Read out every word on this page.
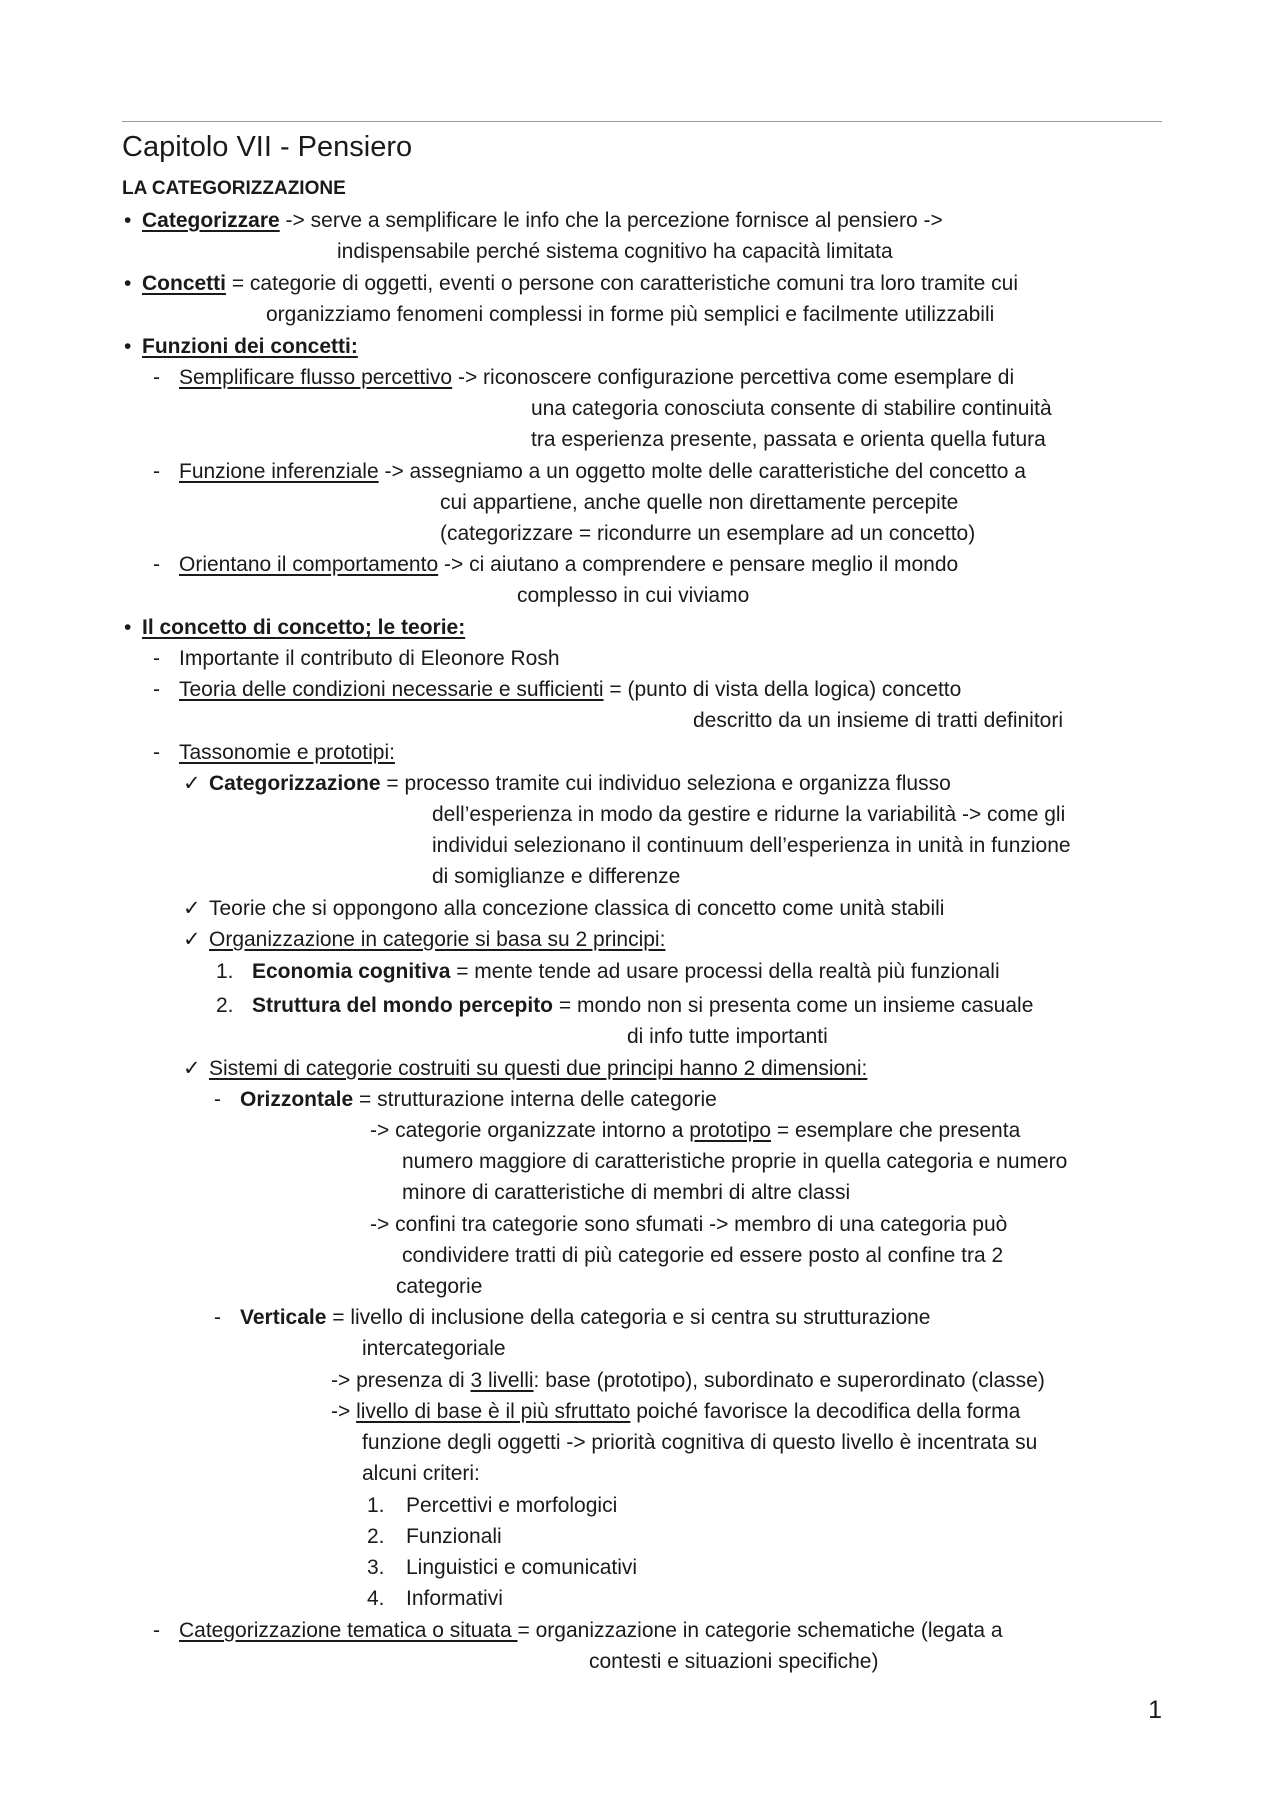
Capitolo VII - Pensiero
LA CATEGORIZZAZIONE
• Categorizzare -> serve a semplificare le info che la percezione fornisce al pensiero ->
indispensabile perché sistema cognitivo ha capacità limitata
• Concetti = categorie di oggetti, eventi o persone con caratteristiche comuni tra loro tramite cui
organizziamo fenomeni complessi in forme più semplici e facilmente utilizzabili
• Funzioni dei concetti:
- Semplificare flusso percettivo -> riconoscere configurazione percettiva come esemplare di
una categoria conosciuta consente di stabilire continuità
tra esperienza presente, passata e orienta quella futura
- Funzione inferenziale -> assegniamo a un oggetto molte delle caratteristiche del concetto a
cui appartiene, anche quelle non direttamente percepite
(categorizzare = ricondurre un esemplare ad un concetto)
- Orientano il comportamento -> ci aiutano a comprendere e pensare meglio il mondo
complesso in cui viviamo
• Il concetto di concetto; le teorie:
- Importante il contributo di Eleonore Rosh
- Teoria delle condizioni necessarie e sufficienti = (punto di vista della logica) concetto
descritto da un insieme di tratti definitori
- Tassonomie e prototipi:
✓ Categorizzazione = processo tramite cui individuo seleziona e organizza flusso
dell’esperienza in modo da gestire e ridurne la variabilità -> come gli
individui selezionano il continuum dell’esperienza in unità in funzione
di somiglianze e differenze
✓ Teorie che si oppongono alla concezione classica di concetto come unità stabili
✓ Organizzazione in categorie si basa su 2 principi:
1. Economia cognitiva = mente tende ad usare processi della realtà più funzionali
2. Struttura del mondo percepito = mondo non si presenta come un insieme casuale
di info tutte importanti
✓ Sistemi di categorie costruiti su questi due principi hanno 2 dimensioni:
- Orizzontale = strutturazione interna delle categorie
-> categorie organizzate intorno a prototipo = esemplare che presenta
numero maggiore di caratteristiche proprie in quella categoria e numero
minore di caratteristiche di membri di altre classi
-> confini tra categorie sono sfumati -> membro di una categoria può
condividere tratti di più categorie ed essere posto al confine tra 2
categorie
- Verticale = livello di inclusione della categoria e si centra su strutturazione
intercategoriale
-> presenza di 3 livelli: base (prototipo), subordinato e superordinato (classe)
-> livello di base è il più sfruttato poiché favorisce la decodifica della forma
funzione degli oggetti -> priorità cognitiva di questo livello è incentrata su
alcuni criteri:
1. Percettivi e morfologici
2. Funzionali
3. Linguistici e comunicativi
4. Informativi
- Categorizzazione tematica o situata = organizzazione in categorie schematiche (legata a
contesti e situazioni specifiche)
1
